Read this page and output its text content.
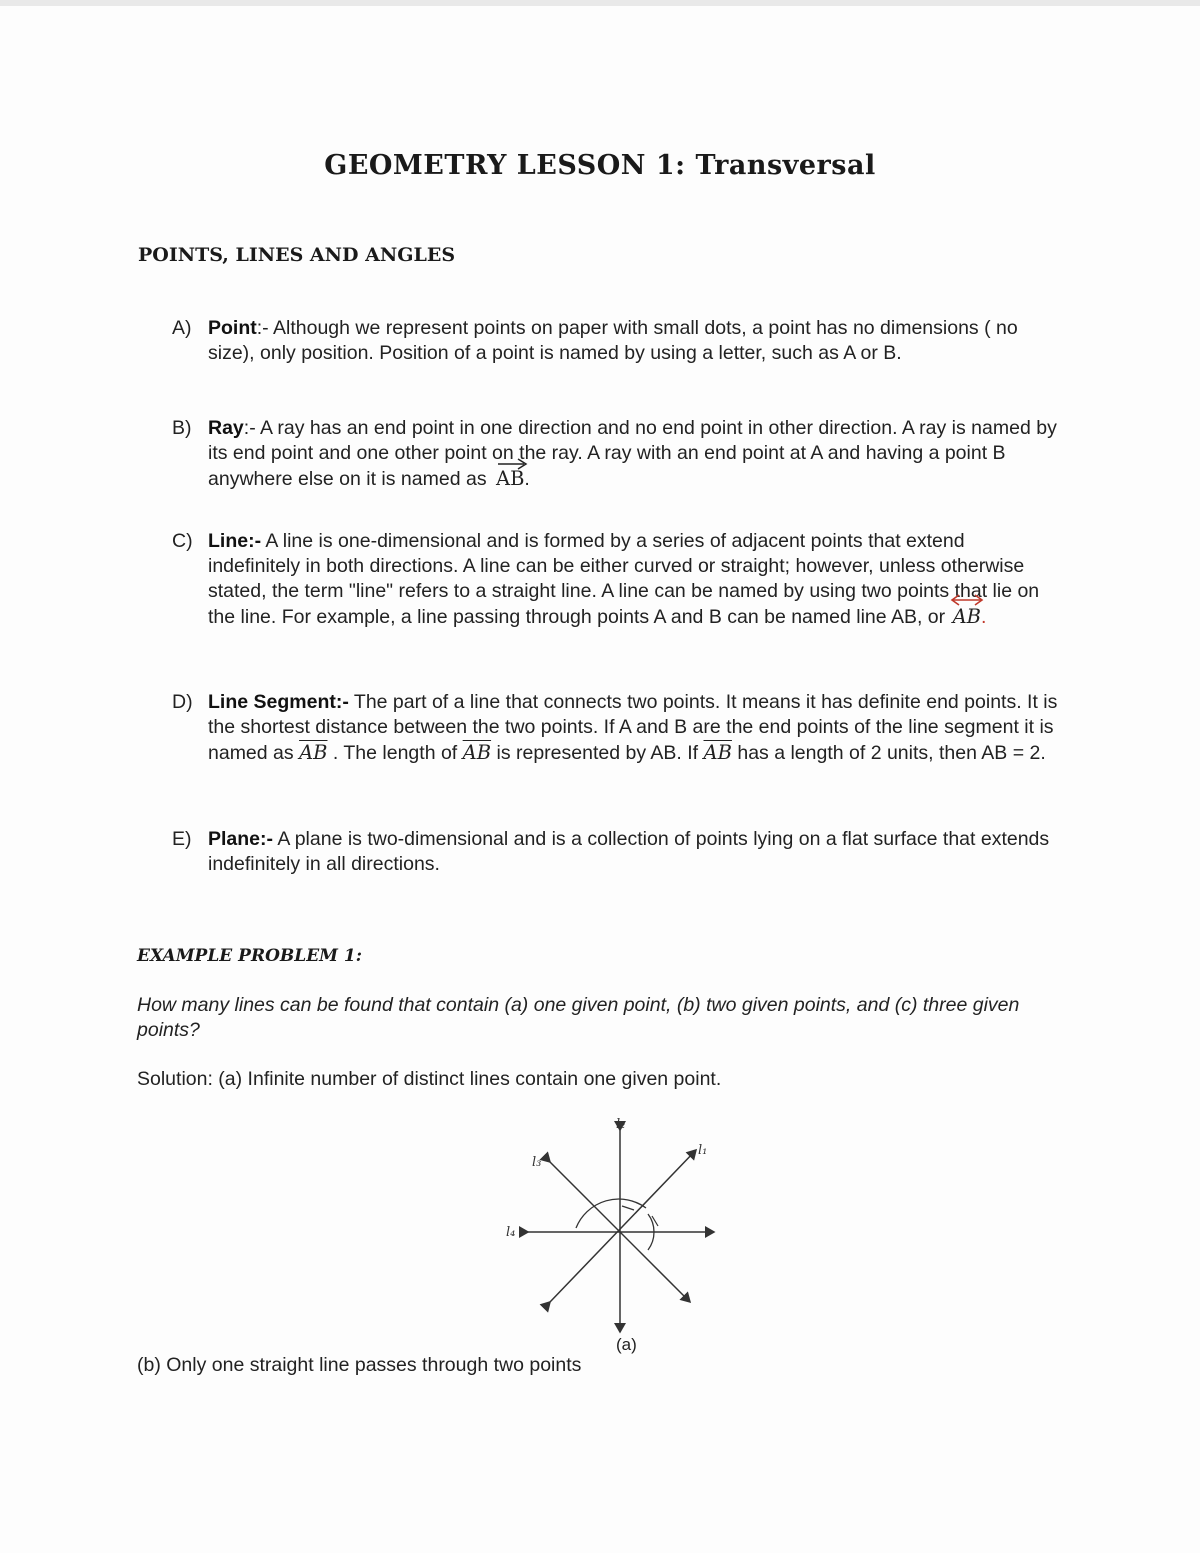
GEOMETRY LESSON 1: Transversal
POINTS, LINES AND ANGLES
A) Point:- Although we represent points on paper with small dots, a point has no dimensions ( no size), only position. Position of a point is named by using a letter, such as A or B.
B) Ray:- A ray has an end point in one direction and no end point in other direction. A ray is named by its end point and one other point on the ray. A ray with an end point at A and having a point B anywhere else on it is named as
AB.
C) Line:- A line is one-dimensional and is formed by a series of adjacent points that extend indefinitely in both directions. A line can be either curved or straight; however, unless otherwise stated, the term "line" refers to a straight line. A line can be named by using two points that lie on the line. For example, a line passing through points A and B can be named line AB, or
AB.
D) Line Segment:- The part of a line that connects two points. It means it has definite end points. It is the shortest distance between the two points. If A and B are the end points of the line segment it is named as $\overline{AB}$ . The length of $\overline{AB}$ is represented by AB. If $\overline{AB}$ has a length of 2 units, then AB = 2.
E) Plane:- A plane is two-dimensional and is a collection of points lying on a flat surface that extends indefinitely in all directions.
EXAMPLE PROBLEM 1:
How many lines can be found that contain (a) one given point, (b) two given points, and (c) three given points?
Solution: (a) Infinite number of distinct lines contain one given point.
l₂
l₁
l₃
l₄
(a)
(b) Only one straight line passes through two points
